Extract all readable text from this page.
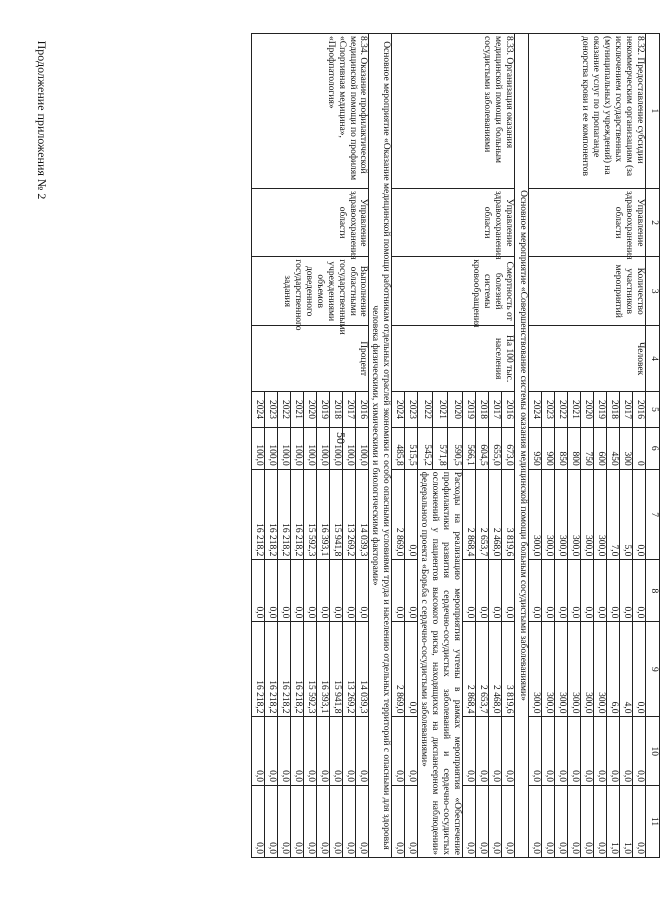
50
Продолжение приложения № 2	1	2	3	4	5	6	7	8	9	10	11
8.32. Предоставление субсидии некоммерческим организациям (за исключением государственных (муниципальных) учреждений) на оказание услуг по пропаганде донорства крови и ее компонентов	Управление здравоохранения области	Количество участников мероприятий	Человек	2016	0	0,0	0,0	0,0	0,0	0,0
				2017	300	5,0	0,0	4,0	0,0	1,0
				2018	450	7,0	0,0	6,0	0,0	1,0
				2019	600	300,0	0,0	300,0	0,0	0,0
				2020	750	300,0	0,0	300,0	0,0	0,0
				2021	800	300,0	0,0	300,0	0,0	0,0
				2022	850	300,0	0,0	300,0	0,0	0,0
				2023	900	300,0	0,0	300,0	0,0	0,0
				2024	950	300,0	0,0	300,0	0,0	0,0
Основное мероприятие «Совершенствование системы оказания медицинской помощи больным сосудистыми заболеваниями»										
8.33. Организация оказания медицинской помощи больным сосудистыми заболеваниями	Управление здравоохранения области	Смертность от болезней системы кровообращения	На 100 тыс. населения	2016	673,0	3 819,6	0,0	3 819,6	0,0	0,0
				2017	655,0	2 468,0	0,0	2 468,0	0,0	0,0
				2018	604,5	2 653,7	0,0	2 653,7	0,0	0,0
				2019	566,1	2 868,4	0,0	2 868,4	0,0	0,0
				2020	590,5	Расходы на реализацию мероприятия учтены в рамках мероприятия «Обеспечение профилактики развития сердечно-сосудистых заболеваний и сердечно-сосудистых осложнений у пациентов высокого риска, находящихся на диспансерном наблюдении» федерального проекта «Борьба с сердечно-сосудистыми заболеваниями»				
				2021	571,8					
				2022	545,2					
				2023	515,5	0,0	0,0	0,0	0,0	0,0
				2024	485,8	2 869,0	0,0	2 869,0	0,0	0,0
Основное мероприятие «Оказание медицинской помощи работникам отдельных отраслей экономики с особо опасными условиями труда и населению отдельных территорий с опасными для здоровья человека физическими, химическими и биологическими факторами»										
8.34. Оказание профилактической медицинской помощи по профилям «Спортивная медицина», «Профпатология»	Управление здравоохранения области	Выполнение областными государственными учреждениями объемов доведенного государственного задания	Процент	2016	100,0	14 039,3	0,0	14 039,3	0,0	0,0
				2017	100,0	13 269,2	0,0	13 269,2	0,0	0,0
				2018	100,0	15 941,8	0,0	15 941,8	0,0	0,0
				2019	100,0	16 393,1	0,0	16 393,1	0,0	0,0
				2020	100,0	15 592,3	0,0	15 592,3	0,0	0,0
				2021	100,0	16 218,2	0,0	16 218,2	0,0	0,0
				2022	100,0	16 218,2	0,0	16 218,2	0,0	0,0
				2023	100,0	16 218,2	0,0	16 218,2	0,0	0,0
				2024	100,0	16 218,2	0,0	16 218,2	0,0	0,0
